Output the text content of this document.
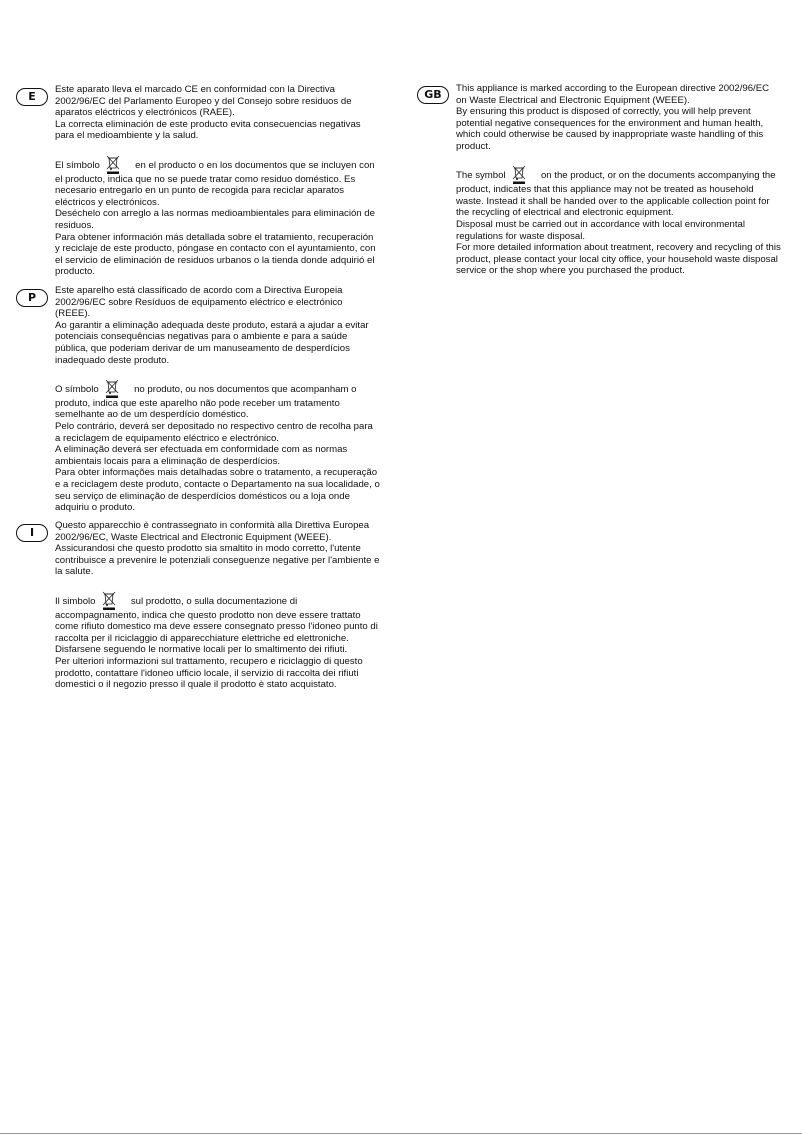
E

Este aparato lleva el marcado CE en conformidad con la Directiva 2002/96/EC del Parlamento Europeo y del Consejo sobre residuos de aparatos eléctricos y electrónicos (RAEE).

La correcta eliminación de este producto evita consecuencias negativas para el medioambiente y la salud.

El símbolo	en el producto o en los documentos que se incluyen con el producto, indica que no se puede tratar como residuo doméstico. Es necesario entregarlo en un punto de recogida para reciclar aparatos eléctricos y electrónicos.

Deséchelo con arreglo a las normas medioambientales para eliminación de residuos.

Para obtener información más detallada sobre el tratamiento, recuperación y reciclaje de este producto, póngase en contacto con el ayuntamiento, con el servicio de eliminación de residuos urbanos o la tienda donde adquirió el producto.

P

Este aparelho está classificado de acordo com a Directiva Europeia 2002/96/EC sobre Resíduos de equipamento eléctrico e electrónico (REEE).

Ao garantir a eliminação adequada deste produto, estará a ajudar a evitar potenciais consequências negativas para o ambiente e para a saúde pública, que poderiam derivar de um manuseamento de desperdícios inadequado deste produto.

O símbolo	no produto, ou nos documentos que acompanham o produto, indica que este aparelho não pode receber um tratamento semelhante ao de um desperdício doméstico.

Pelo contrário, deverá ser depositado no respectivo centro de recolha para a reciclagem de equipamento eléctrico e electrónico.

A eliminação deverá ser efectuada em conformidade com as normas ambientais locais para a eliminação de desperdícios.

Para obter informações mais detalhadas sobre o tratamento, a recuperação e a reciclagem deste produto, contacte o Departamento na sua localidade, o seu serviço de eliminação de desperdícios domésticos ou a loja onde adquiriu o produto.

I

Questo apparecchio è contrassegnato in conformità alla Direttiva Europea 2002/96/EC, Waste Electrical and Electronic Equipment (WEEE).

Assicurandosi che questo prodotto sia smaltito in modo corretto, l'utente contribuisce a prevenire le potenziali conseguenze negative per l'ambiente e la salute.

Il simbolo	sul prodotto, o sulla documentazione di accompagnamento, indica che questo prodotto non deve essere trattato come rifiuto domestico ma deve essere consegnato presso l'idoneo punto di raccolta per il riciclaggio di apparecchiature elettriche ed elettroniche.

Disfarsene seguendo le normative locali per lo smaltimento dei rifiuti.

Per ulteriori informazioni sul trattamento, recupero e riciclaggio di questo prodotto, contattare l'idoneo ufficio locale, il servizio di raccolta dei rifiuti domestici o il negozio presso il quale il prodotto è stato acquistato.

GB	This appliance is marked according to the European directive 2002/96/EC on Waste Electrical and Electronic Equipment (WEEE).

By ensuring this product is disposed of correctly, you will help prevent potential negative consequences for the environment and human health, which could otherwise be caused by inappropriate waste handling of this product.

The symbol	on the product, or on the documents accompanying the product, indicates that this appliance may not be treated as household waste. Instead it shall be handed over to the applicable collection point for the recycling of electrical and electronic equipment.

Disposal must be carried out in accordance with local environmental regulations for waste disposal.

For more detailed information about treatment, recovery and recycling of this product, please contact your local city office, your household waste disposal service or the shop where you purchased the product.
